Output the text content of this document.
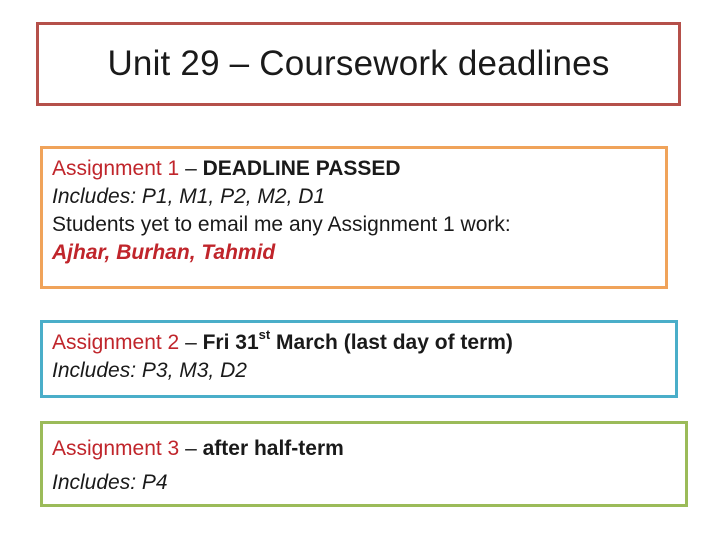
Unit 29 – Coursework deadlines
Assignment 1 – DEADLINE PASSED
Includes: P1, M1, P2, M2, D1
Students yet to email me any Assignment 1 work:
Ajhar, Burhan, Tahmid
Assignment 2 – Fri 31st March (last day of term)
Includes: P3, M3, D2
Assignment 3 – after half-term
Includes: P4
